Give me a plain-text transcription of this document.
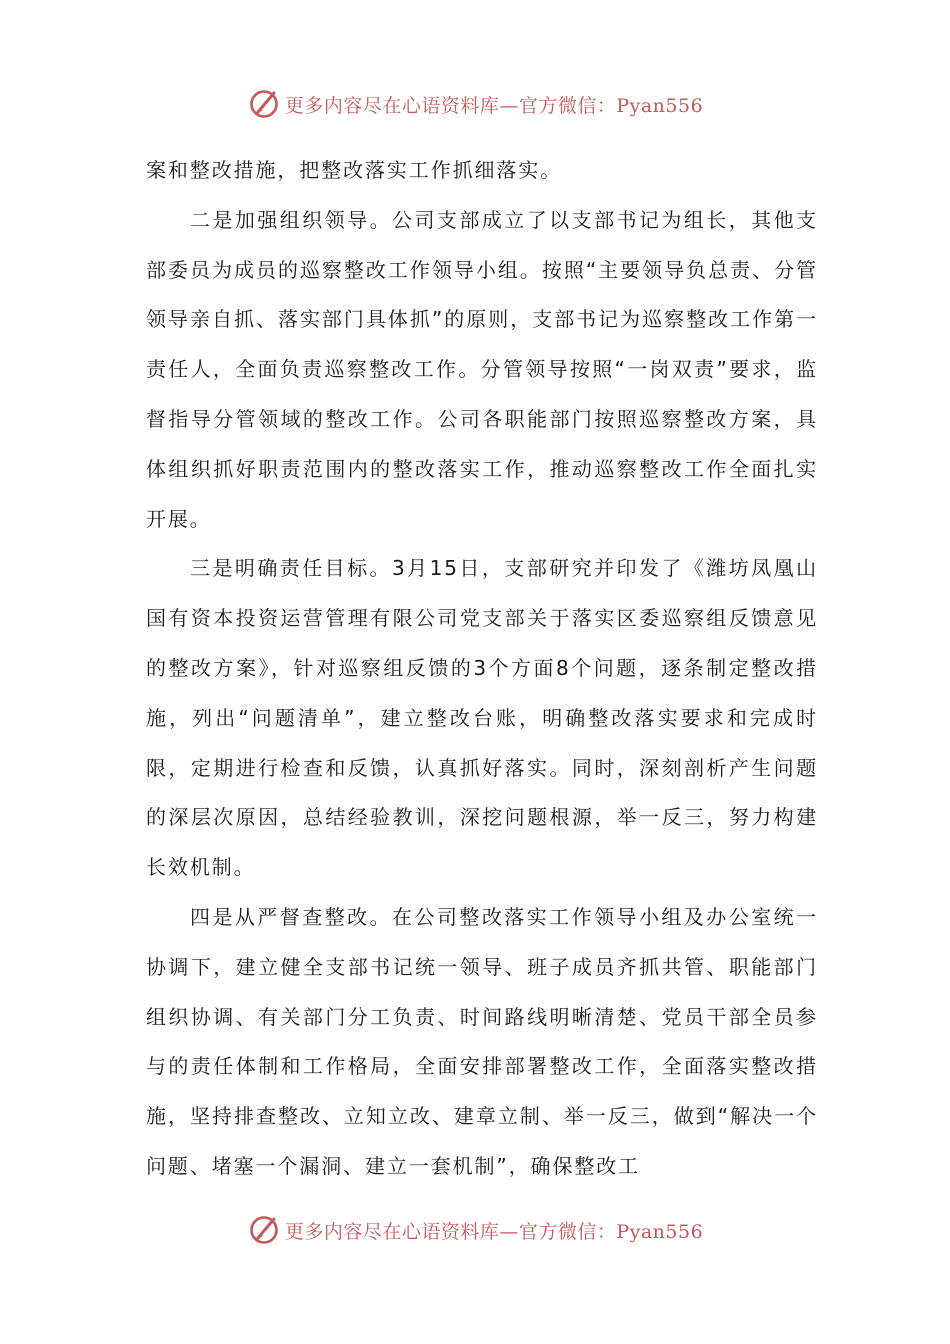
更多内容尽在心语资料库—官方微信：Pyan556

案和整改措施，把整改落实工作抓细落实。

二是加强组织领导。公司支部成立了以支部书记为组长，其他支部委员为成员的巡察整改工作领导小组。按照“主要领导负总责、分管领导亲自抓、落实部门具体抓”的原则，支部书记为巡察整改工作第一责任人，全面负责巡察整改工作。分管领导按照“一岗双责”要求，监督指导分管领域的整改工作。公司各职能部门按照巡察整改方案，具体组织抓好职责范围内的整改落实工作，推动巡察整改工作全面扎实开展。

三是明确责任目标。3月15日，支部研究并印发了《潍坊凤凰山国有资本投资运营管理有限公司党支部关于落实区委巡察组反馈意见的整改方案》，针对巡察组反馈的3个方面8个问题，逐条制定整改措施，列出“问题清单”，建立整改台账，明确整改落实要求和完成时限，定期进行检查和反馈，认真抓好落实。同时，深刻剖析产生问题的深层次原因，总结经验教训，深挖问题根源，举一反三，努力构建长效机制。

四是从严督查整改。在公司整改落实工作领导小组及办公室统一协调下，建立健全支部书记统一领导、班子成员齐抓共管、职能部门组织协调、有关部门分工负责、时间路线明晰清楚、党员干部全员参与的责任体制和工作格局，全面安排部署整改工作，全面落实整改措施，坚持排查整改、立知立改、建章立制、举一反三，做到“解决一个问题、堵塞一个漏洞、建立一套机制”，确保整改工

更多内容尽在心语资料库—官方微信：Pyan556
